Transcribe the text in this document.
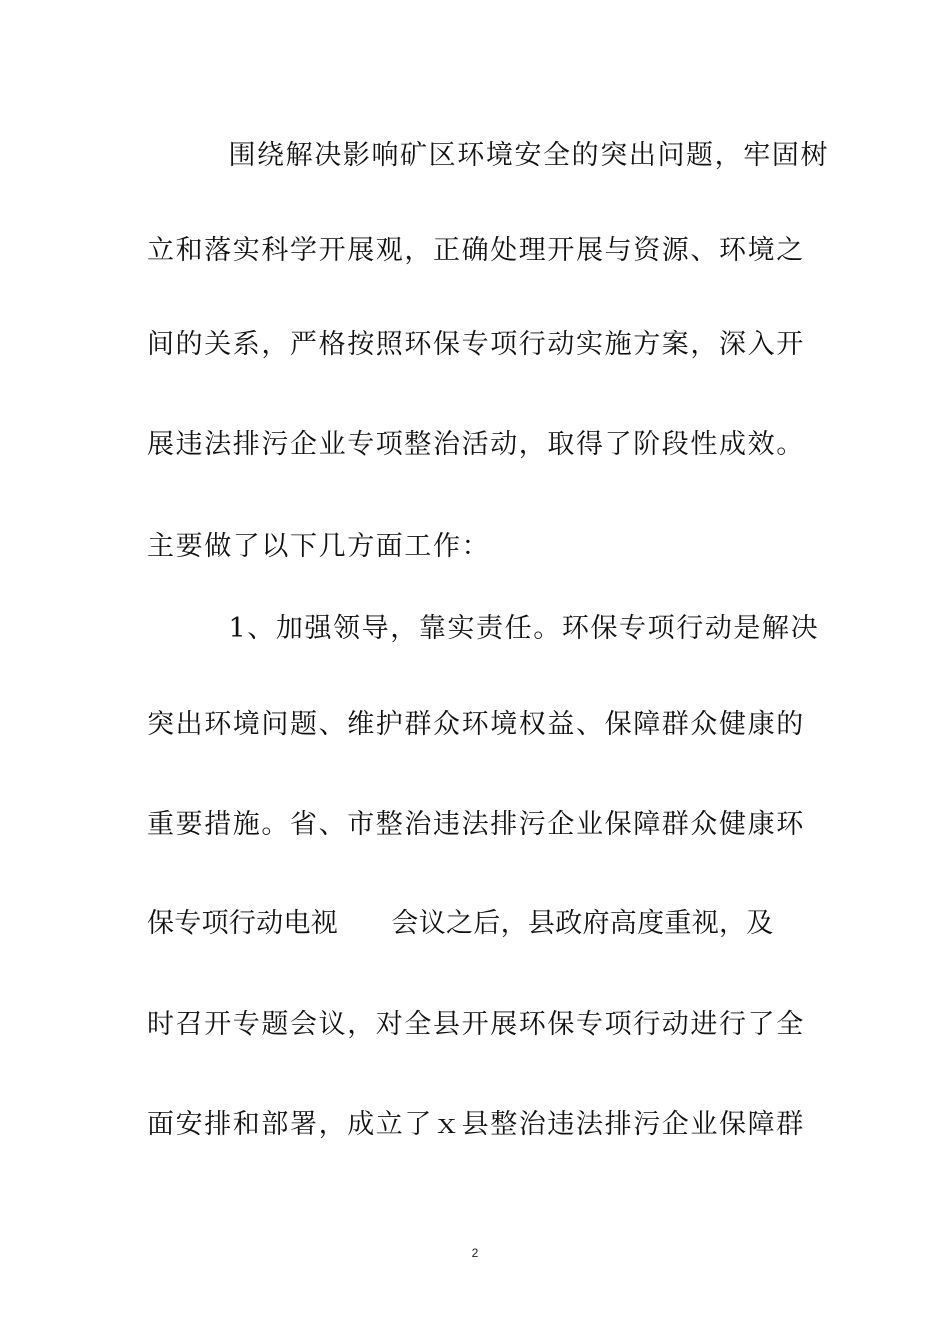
围绕解决影响矿区环境安全的突出问题，牢固树
立和落实科学开展观，正确处理开展与资源、环境之
间的关系，严格按照环保专项行动实施方案，深入开
展违法排污企业专项整治活动，取得了阶段性成效。
主要做了以下几方面工作：
1、加强领导，靠实责任。环保专项行动是解决
突出环境问题、维护群众环境权益、保障群众健康的
重要措施。省、市整治违法排污企业保障群众健康环
保专项行动电视      会议之后，县政府高度重视，及
时召开专题会议，对全县开展环保专项行动进行了全
面安排和部署，成立了ｘ县整治违法排污企业保障群
2
